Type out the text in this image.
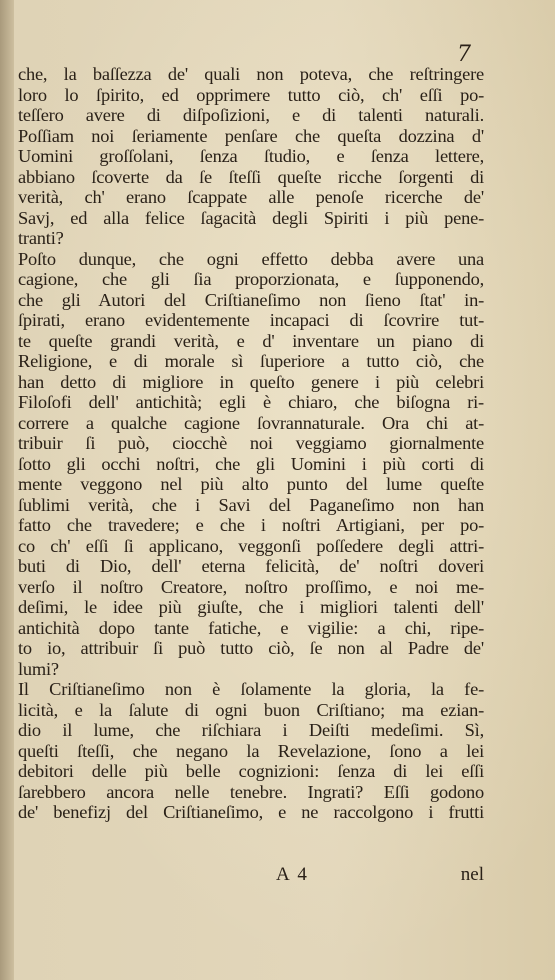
7
che, la baſſezza de' quali non poteva, che reſtringere
loro lo ſpirito, ed opprimere tutto ciò, ch' eſſi po-
teſſero avere di diſpoſizioni, e di talenti naturali.
Poſſiam noi ſeriamente penſare che queſta dozzina d'
Uomini groſſolani, ſenza ſtudio, e ſenza lettere,
abbiano ſcoverte da ſe ſteſſi queſte ricche ſorgenti di
verità, ch' erano ſcappate alle penoſe ricerche de'
Savj, ed alla felice ſagacità degli Spiriti i più pene-
tranti?
Poſto dunque, che ogni effetto debba avere una
cagione, che gli ſia proporzionata, e ſupponendo,
che gli Autori del Criſtianeſimo non ſieno ſtat' in-
ſpirati, erano evidentemente incapaci di ſcovrire tut-
te queſte grandi verità, e d' inventare un piano di
Religione, e di morale sì ſuperiore a tutto ciò, che
han detto di migliore in queſto genere i più celebri
Filoſofi dell' antichità; egli è chiaro, che biſogna ri-
correre a qualche cagione ſovrannaturale. Ora chi at-
tribuir ſi può, ciocchè noi veggiamo giornalmente
ſotto gli occhi noſtri, che gli Uomini i più corti di
mente veggono nel più alto punto del lume queſte
ſublimi verità, che i Savi del Paganeſimo non han
fatto che travedere; e che i noſtri Artigiani, per po-
co ch' eſſi ſi applicano, veggonſi poſſedere degli attri-
buti di Dio, dell' eterna felicità, de' noſtri doveri
verſo il noſtro Creatore, noſtro proſſimo, e noi me-
deſimi, le idee più giuſte, che i migliori talenti dell'
antichità dopo tante fatiche, e vigilie: a chi, ripe-
to io, attribuir ſi può tutto ciò, ſe non al Padre de'
lumi?
Il Criſtianeſimo non è ſolamente la gloria, la fe-
licità, e la ſalute di ogni buon Criſtiano; ma ezian-
dio il lume, che riſchiara i Deiſti medeſimi. Sì,
queſti ſteſſi, che negano la Revelazione, ſono a lei
debitori delle più belle cognizioni: ſenza di lei eſſi
ſarebbero ancora nelle tenebre. Ingrati? Eſſi godono
de' benefizj del Criſtianeſimo, e ne raccolgono i frutti
A 4	nel
